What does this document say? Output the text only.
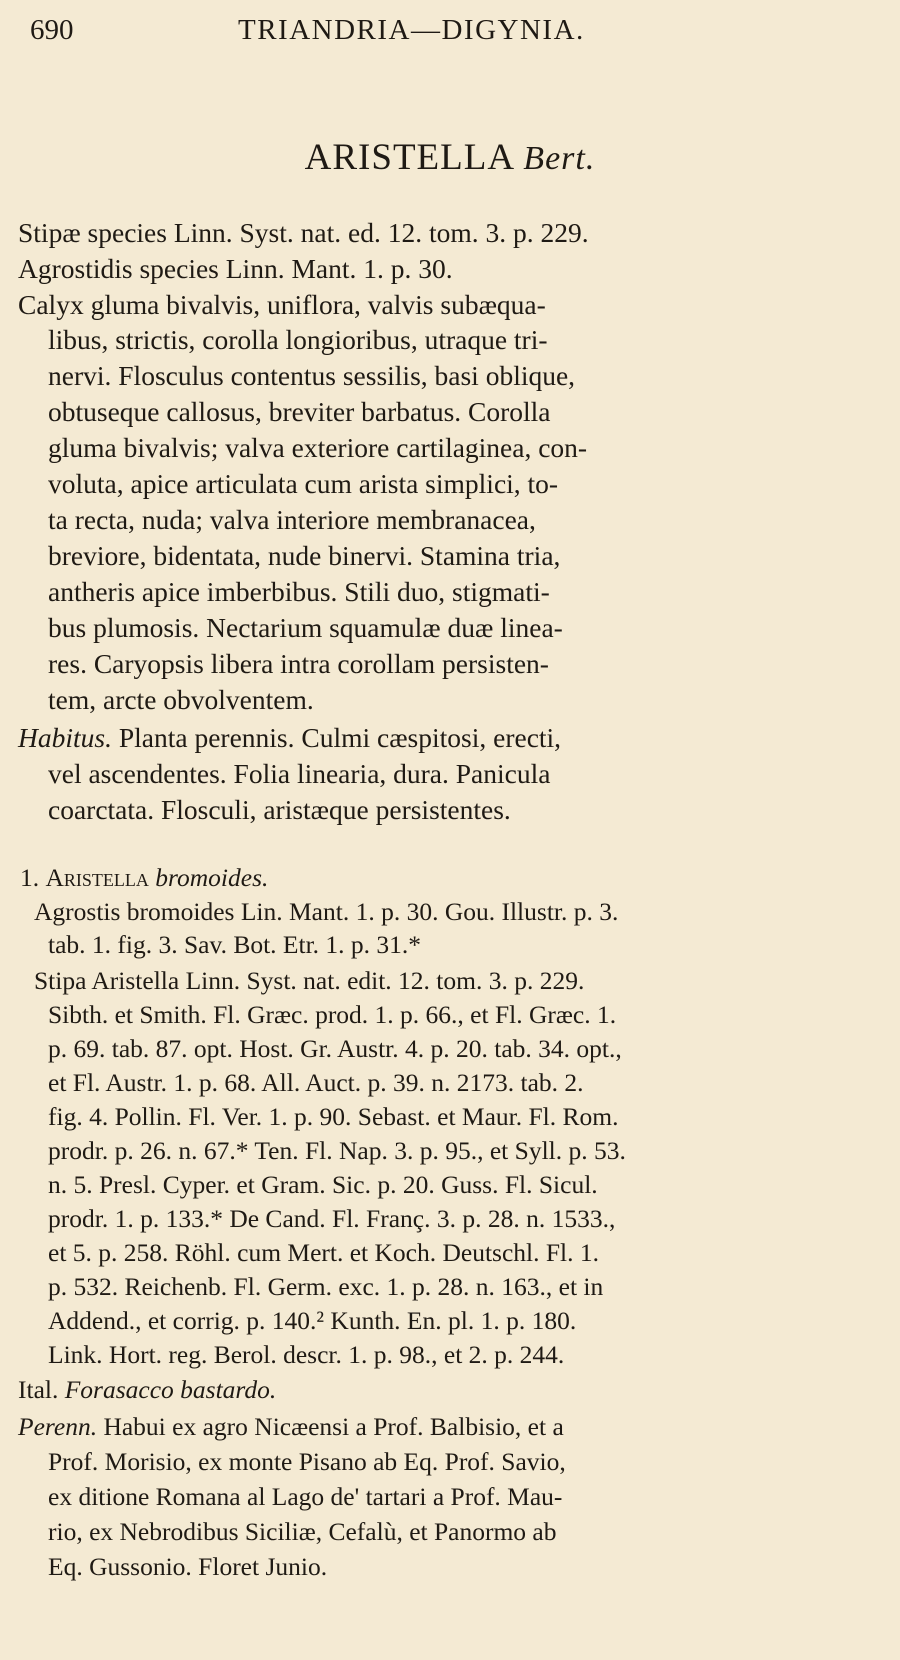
690	TRIANDRIA—DIGYNIA.
ARISTELLA Bert.
Stipæ species Linn. Syst. nat. ed. 12. tom. 3. p. 229.
Agrostidis species Linn. Mant. 1. p. 30.
Calyx gluma bivalvis, uniflora, valvis subæqua-
libus, strictis, corolla longioribus, utraque tri-
nervi. Flosculus contentus sessilis, basi oblique,
obtuseque callosus, breviter barbatus. Corolla
gluma bivalvis; valva exteriore cartilaginea, con-
voluta, apice articulata cum arista simplici, to-
ta recta, nuda; valva interiore membranacea,
breviore, bidentata, nude binervi. Stamina tria,
antheris apice imberbibus. Stili duo, stigmati-
bus plumosis. Nectarium squamulæ duæ linea-
res. Caryopsis libera intra corollam persisten-
tem, arcte obvolventem.
Habitus. Planta perennis. Culmi cæspitosi, erecti,
vel ascendentes. Folia linearia, dura. Panicula
coarctata. Flosculi, aristæque persistentes.
1. Aristella bromoides.
Agrostis bromoides Lin. Mant. 1. p. 30. Gou. Illustr. p. 3.
tab. 1. fig. 3. Sav. Bot. Etr. 1. p. 31.*
Stipa Aristella Linn. Syst. nat. edit. 12. tom. 3. p. 229.
Sibth. et Smith. Fl. Græc. prod. 1. p. 66., et Fl. Græc. 1.
p. 69. tab. 87. opt. Host. Gr. Austr. 4. p. 20. tab. 34. opt.,
et Fl. Austr. 1. p. 68. All. Auct. p. 39. n. 2173. tab. 2.
fig. 4. Pollin. Fl. Ver. 1. p. 90. Sebast. et Maur. Fl. Rom.
prodr. p. 26. n. 67.* Ten. Fl. Nap. 3. p. 95., et Syll. p. 53.
n. 5. Presl. Cyper. et Gram. Sic. p. 20. Guss. Fl. Sicul.
prodr. 1. p. 133.* De Cand. Fl. Franç. 3. p. 28. n. 1533.,
et 5. p. 258. Röhl. cum Mert. et Koch. Deutschl. Fl. 1.
p. 532. Reichenb. Fl. Germ. exc. 1. p. 28. n. 163., et in
Addend., et corrig. p. 140.² Kunth. En. pl. 1. p. 180.
Link. Hort. reg. Berol. descr. 1. p. 98., et 2. p. 244.
Ital. Forasacco bastardo.
Perenn. Habui ex agro Nicæensi a Prof. Balbisio, et a
Prof. Morisio, ex monte Pisano ab Eq. Prof. Savio,
ex ditione Romana al Lago de' tartari a Prof. Mau-
rio, ex Nebrodibus Siciliæ, Cefalù, et Panormo ab
Eq. Gussonio. Floret Junio.
